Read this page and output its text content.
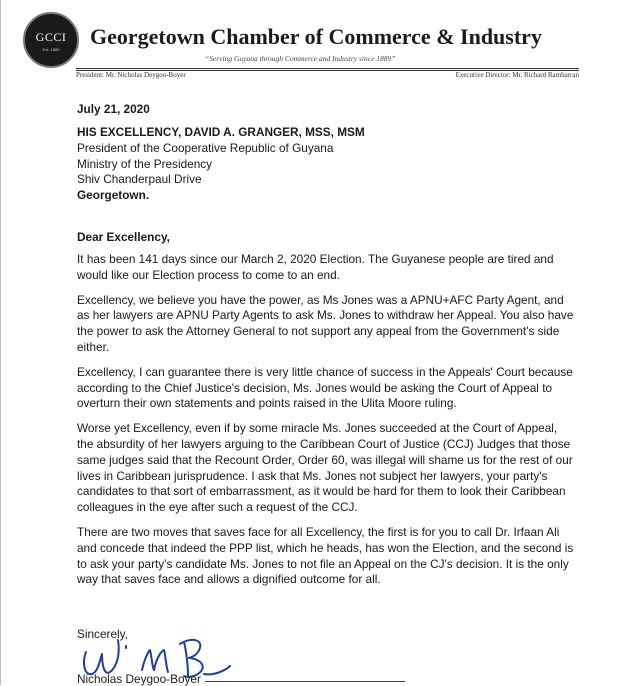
GCCI
Est. 1889
Georgetown Chamber of Commerce & Industry
“Serving Guyana through Commerce and Industry since 1889”
President: Mr. Nicholas Deygoo-Boyer	Executive Director: Mr. Richard Rambarran
July 21, 2020
HIS EXCELLENCY, DAVID A. GRANGER, MSS, MSM
President of the Cooperative Republic of Guyana
Ministry of the Presidency
Shiv Chanderpaul Drive
Georgetown.
Dear Excellency,

It has been 141 days since our March 2, 2020 Election. The Guyanese people are tired and would like our Election process to come to an end.

Excellency, we believe you have the power, as Ms Jones was a APNU+AFC Party Agent, and as her lawyers are APNU Party Agents to ask Ms. Jones to withdraw her Appeal. You also have the power to ask the Attorney General to not support any appeal from the Government's side either.

Excellency, I can guarantee there is very little chance of success in the Appeals' Court because according to the Chief Justice's decision, Ms. Jones would be asking the Court of Appeal to overturn their own statements and points raised in the Ulita Moore ruling.

Worse yet Excellency, even if by some miracle Ms. Jones succeeded at the Court of Appeal, the absurdity of her lawyers arguing to the Caribbean Court of Justice (CCJ) Judges that those same judges said that the Recount Order, Order 60, was illegal will shame us for the rest of our lives in Caribbean jurisprudence. I ask that Ms. Jones not subject her lawyers, your party's candidates to that sort of embarrassment, as it would be hard for them to look their Caribbean colleagues in the eye after such a request of the CCJ.

There are two moves that saves face for all Excellency, the first is for you to call Dr. Irfaan Ali and concede that indeed the PPP list, which he heads, has won the Election, and the second is to ask your party's candidate Ms. Jones to not file an Appeal on the CJ's decision. It is the only way that saves face and allows a dignified outcome for all.

Sincerely,
Nicholas Deygoo-Boyer
